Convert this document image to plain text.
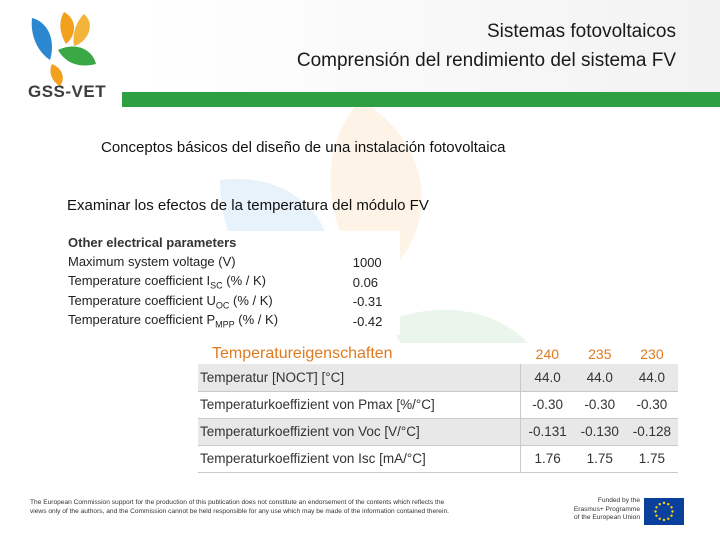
GSS-VET
Sistemas fotovoltaicos
Comprensión del rendimiento del sistema FV
Conceptos básicos del diseño de una instalación fotovoltaica
Examinar los efectos de la temperatura del módulo FV
Other electrical parameters
Maximum system voltage (V)	1000
Temperature coefficient $I_{SC}$ (% / K)	0.06
Temperature coefficient $U_{OC}$ (% / K)	-0.31
Temperature coefficient $P_{MPP}$ (% / K)	-0.42
Temperatureigenschaften	240	235	230
Temperatur [NOCT] [°C]	44.0	44.0	44.0
Temperaturkoeffizient von Pmax [%/°C]	-0.30	-0.30	-0.30
Temperaturkoeffizient von Voc [V/°C]	-0.131	-0.130	-0.128
Temperaturkoeffizient von Isc [mA/°C]	1.76	1.75	1.75
The European Commission support for the production of this publication does not constitute an endorsement of the contents which reflects the views only of the authors, and the Commission cannot be held responsible for any use which may be made of the information contained therein.
Funded by the
Erasmus+ Programme
of the European Union
